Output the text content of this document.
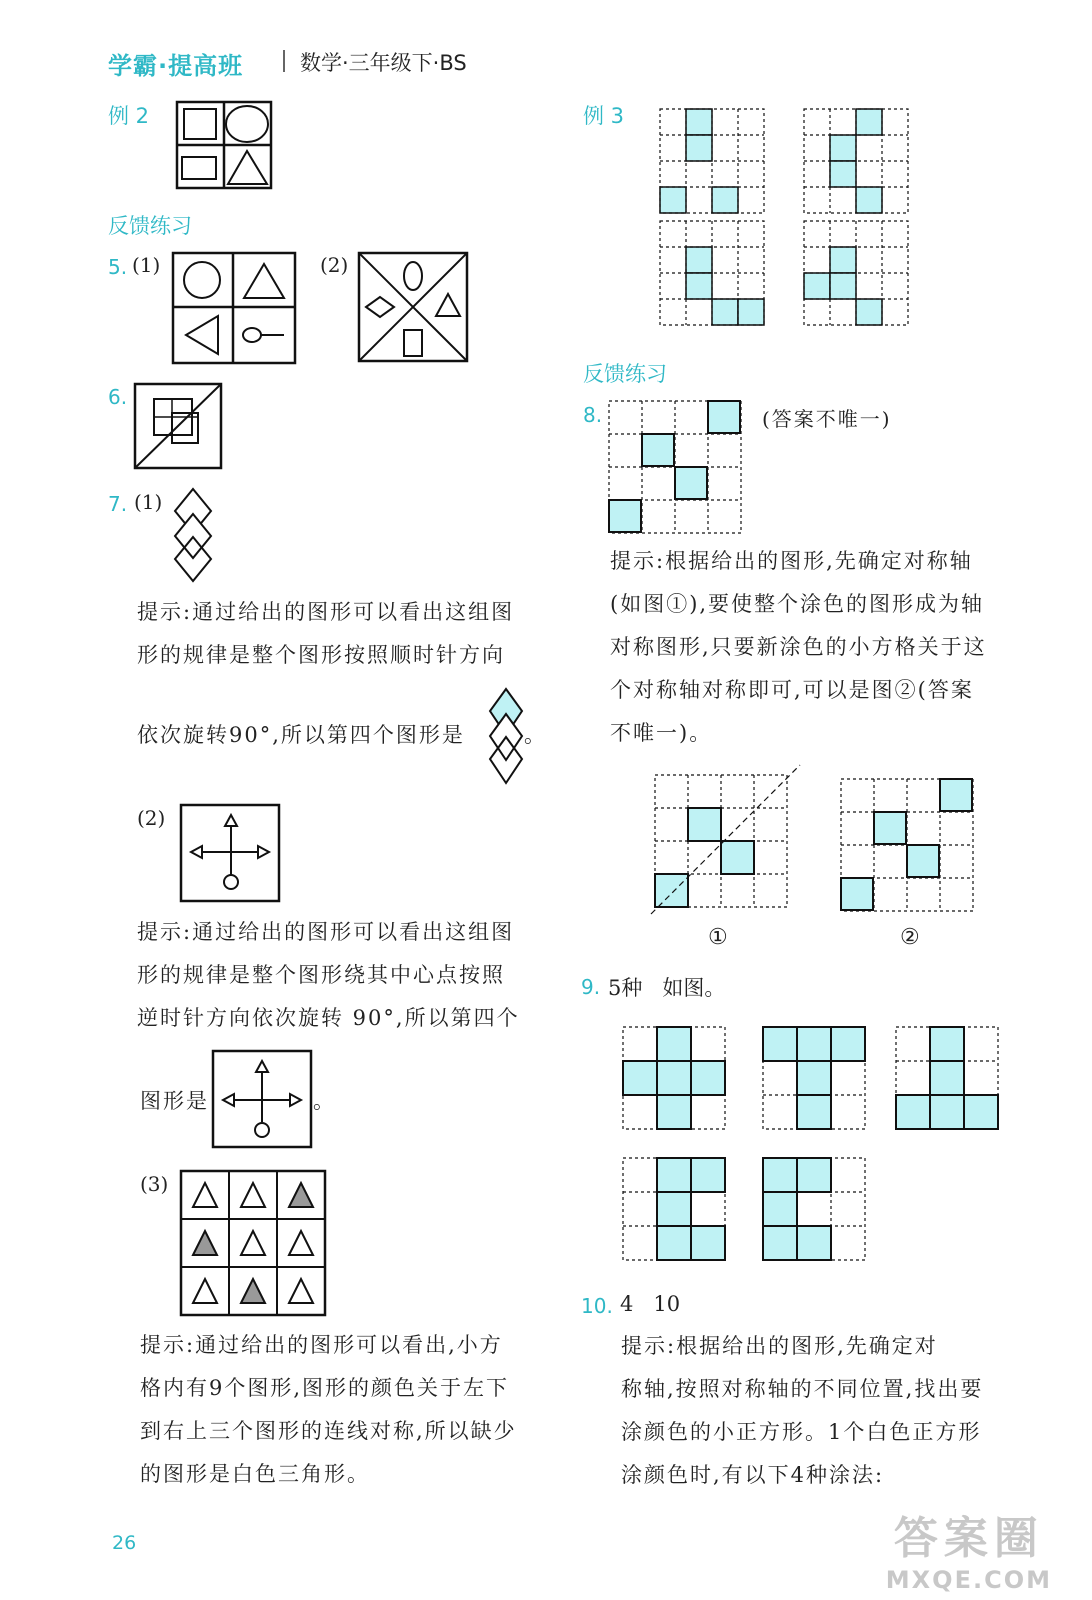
学霸·提高班	数学·三年级下·BS
例 2
反馈练习
5. (1)	(2)
6.
7. (1)
提示:通过给出的图形可以看出这组图
形的规律是整个图形按照顺时针方向
依次旋转90°,所以第四个图形是	。
(2)
提示:通过给出的图形可以看出这组图
形的规律是整个图形绕其中心点按照
逆时针方向依次旋转 90°,所以第四个
图形是	。
(3)
提示:通过给出的图形可以看出,小方
格内有9个图形,图形的颜色关于左下
到右上三个图形的连线对称,所以缺少
的图形是白色三角形。
例 3
反馈练习
8.	(答案不唯一)
提示:根据给出的图形,先确定对称轴
(如图①),要使整个涂色的图形成为轴
对称图形,只要新涂色的小方格关于这
个对称轴对称即可,可以是图②(答案
不唯一)。
①	②
9. 5种   如图。
10. 4   10
提示:根据给出的图形,先确定对
称轴,按照对称轴的不同位置,找出要
涂颜色的小正方形。1个白色正方形
涂颜色时,有以下4种涂法:
26	答案圈
MXQE.COM
